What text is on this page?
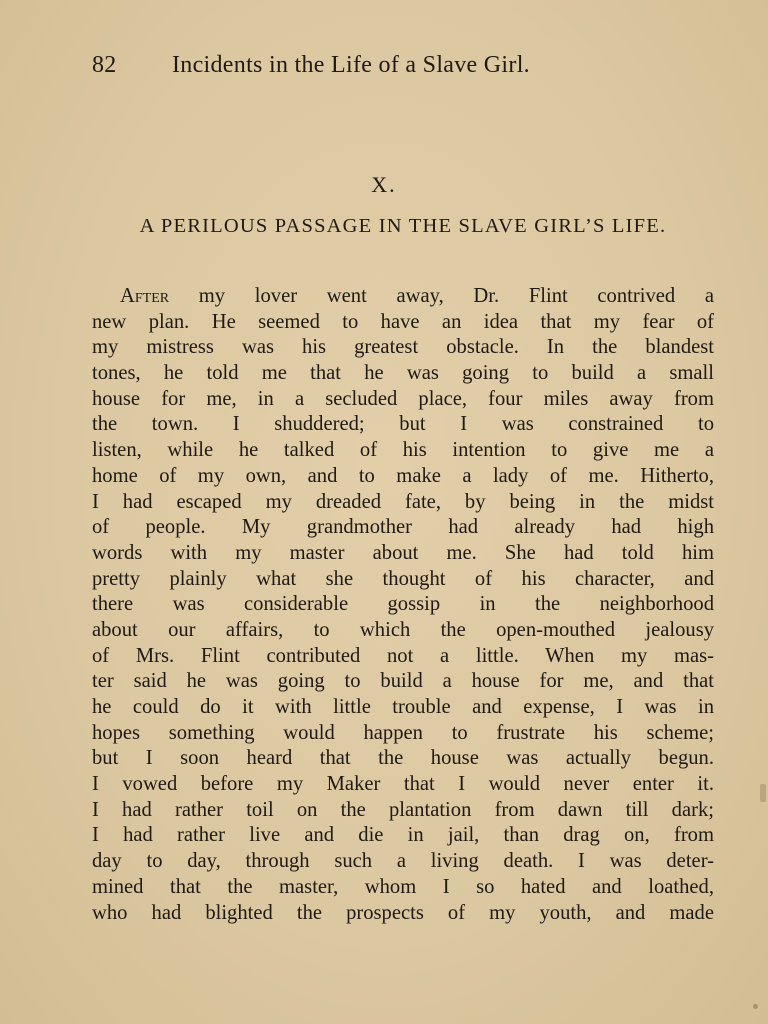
82 Incidents in the Life of a Slave Girl.
X.
A PERILOUS PASSAGE IN THE SLAVE GIRL’S LIFE.
After my lover went away, Dr. Flint contrived a
new plan. He seemed to have an idea that my fear of
my mistress was his greatest obstacle. In the blandest
tones, he told me that he was going to build a small
house for me, in a secluded place, four miles away from
the town. I shuddered; but I was constrained to
listen, while he talked of his intention to give me a
home of my own, and to make a lady of me. Hitherto,
I had escaped my dreaded fate, by being in the midst
of people. My grandmother had already had high
words with my master about me. She had told him
pretty plainly what she thought of his character, and
there was considerable gossip in the neighborhood
about our affairs, to which the open-mouthed jealousy
of Mrs. Flint contributed not a little. When my mas-
ter said he was going to build a house for me, and that
he could do it with little trouble and expense, I was in
hopes something would happen to frustrate his scheme;
but I soon heard that the house was actually begun.
I vowed before my Maker that I would never enter it.
I had rather toil on the plantation from dawn till dark;
I had rather live and die in jail, than drag on, from
day to day, through such a living death. I was deter-
mined that the master, whom I so hated and loathed,
who had blighted the prospects of my youth, and made
